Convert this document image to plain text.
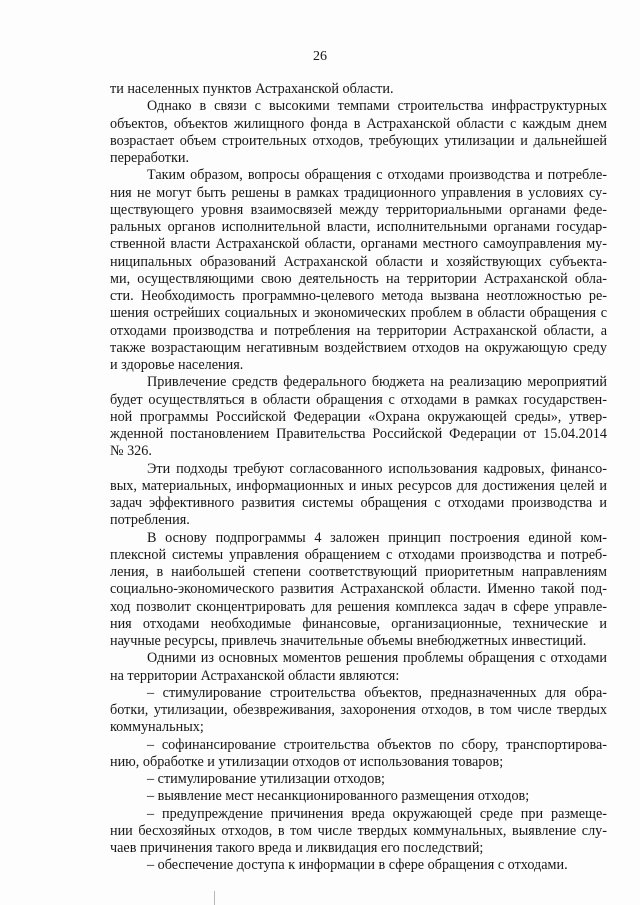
26
ти населенных пунктов Астраханской области.
Однако в связи с высокими темпами строительства инфраструктурных
объектов, объектов жилищного фонда в Астраханской области с каждым днем
возрастает объем строительных отходов, требующих утилизации и дальнейшей
переработки.
Таким образом, вопросы обращения с отходами производства и потребле-
ния не могут быть решены в рамках традиционного управления в условиях су-
ществующего уровня взаимосвязей между территориальными органами феде-
ральных органов исполнительной власти, исполнительными органами государ-
ственной власти Астраханской области, органами местного самоуправления му-
ниципальных образований Астраханской области и хозяйствующих субъекта-
ми, осуществляющими свою деятельность на территории Астраханской обла-
сти. Необходимость программно-целевого метода вызвана неотложностью ре-
шения острейших социальных и экономических проблем в области обращения с
отходами производства и потребления на территории Астраханской области, а
также возрастающим негативным воздействием отходов на окружающую среду
и здоровье населения.
Привлечение средств федерального бюджета на реализацию мероприятий
будет осуществляться в области обращения с отходами в рамках государствен-
ной программы Российской Федерации «Охрана окружающей среды», утвер-
жденной постановлением Правительства Российской Федерации от 15.04.2014
№ 326.
Эти подходы требуют согласованного использования кадровых, финансо-
вых, материальных, информационных и иных ресурсов для достижения целей и
задач эффективного развития системы обращения с отходами производства и
потребления.
В основу подпрограммы 4 заложен принцип построения единой ком-
плексной системы управления обращением с отходами производства и потреб-
ления, в наибольшей степени соответствующий приоритетным направлениям
социально-экономического развития Астраханской области. Именно такой под-
ход позволит сконцентрировать для решения комплекса задач в сфере управле-
ния отходами необходимые финансовые, организационные, технические и
научные ресурсы, привлечь значительные объемы внебюджетных инвестиций.
Одними из основных моментов решения проблемы обращения с отходами
на территории Астраханской области являются:
– стимулирование строительства объектов, предназначенных для обра-
ботки, утилизации, обезвреживания, захоронения отходов, в том числе твердых
коммунальных;
– софинансирование строительства объектов по сбору, транспортирова-
нию, обработке и утилизации отходов от использования товаров;
– стимулирование утилизации отходов;
– выявление мест несанкционированного размещения отходов;
– предупреждение причинения вреда окружающей среде при размеще-
нии бесхозяйных отходов, в том числе твердых коммунальных, выявление слу-
чаев причинения такого вреда и ликвидация его последствий;
– обеспечение доступа к информации в сфере обращения с отходами.
